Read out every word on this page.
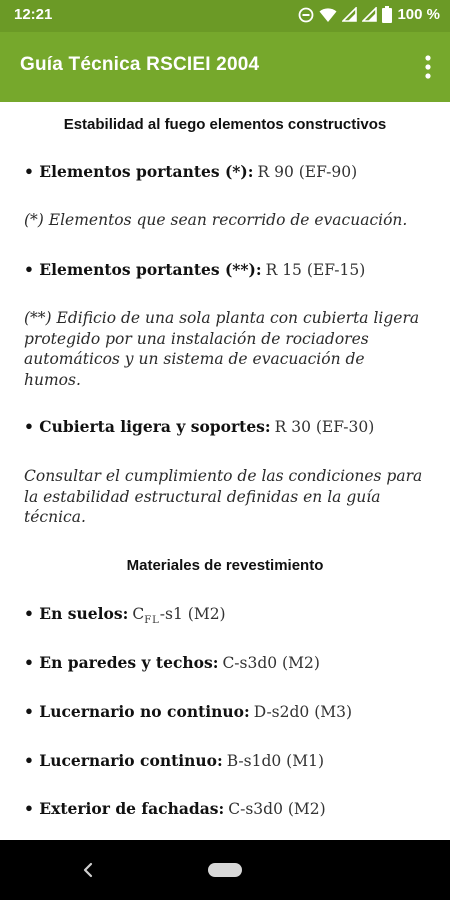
12:21	100 %
Guía Técnica RSCIEI 2004
Estabilidad al fuego elementos constructivos
• Elementos portantes (*): R 90 (EF-90)
(*) Elementos que sean recorrido de evacuación.
• Elementos portantes (**): R 15 (EF-15)
(**) Edificio de una sola planta con cubierta ligera protegido por una instalación de rociadores automáticos y un sistema de evacuación de humos.
• Cubierta ligera y soportes: R 30 (EF-30)
Consultar el cumplimiento de las condiciones para la estabilidad estructural definidas en la guía técnica.
Materiales de revestimiento
• En suelos: $C_{FL}-s1$ (M2)
• En paredes y techos: C-s3d0 (M2)
• Lucernario no continuo: D-s2d0 (M3)
• Lucernario continuo: B-s1d0 (M1)
• Exterior de fachadas: C-s3d0 (M2)
